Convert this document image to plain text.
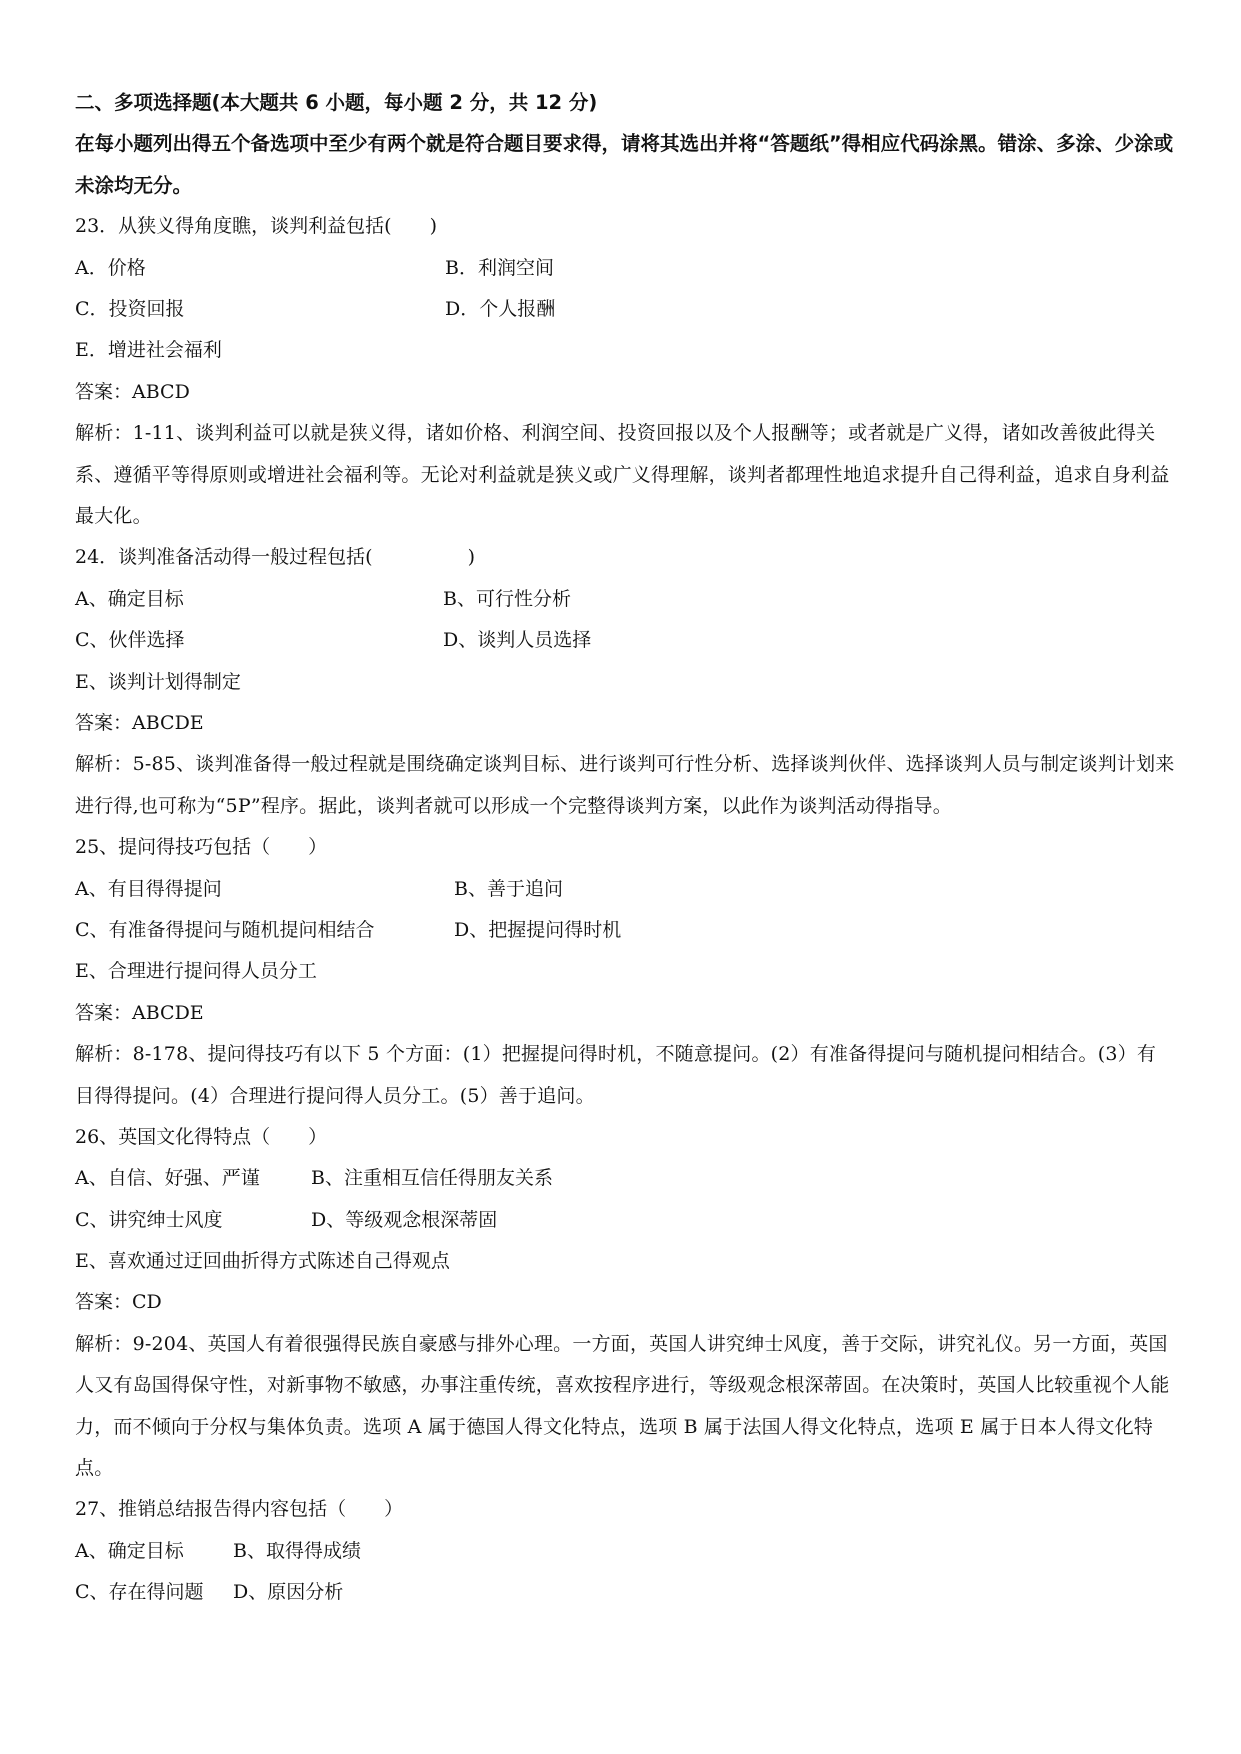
二、多项选择题(本大题共 6 小题，每小题 2 分，共 12 分)
在每小题列出得五个备选项中至少有两个就是符合题目要求得，请将其选出并将“答题纸”得相应代码涂黑。错涂、多涂、少涂或未涂均无分。
23．从狭义得角度瞧，谈判利益包括(　　)
A．价格	B．利润空间
C．投资回报	D．个人报酬
E．增进社会福利
答案：ABCD
解析：1-11、谈判利益可以就是狭义得，诸如价格、利润空间、投资回报以及个人报酬等；或者就是广义得，诸如改善彼此得关系、遵循平等得原则或增进社会福利等。无论对利益就是狭义或广义得理解，谈判者都理性地追求提升自己得利益，追求自身利益最大化。
24．谈判准备活动得一般过程包括(　　　　　)
A、确定目标	B、可行性分析
C、伙伴选择	D、谈判人员选择
E、谈判计划得制定
答案：ABCDE
解析：5-85、谈判准备得一般过程就是围绕确定谈判目标、进行谈判可行性分析、选择谈判伙伴、选择谈判人员与制定谈判计划来进行得,也可称为“5P”程序。据此，谈判者就可以形成一个完整得谈判方案，以此作为谈判活动得指导。
25、提问得技巧包括（　　）
A、有目得得提问	B、善于追问
C、有准备得提问与随机提问相结合	D、把握提问得时机
E、合理进行提问得人员分工
答案：ABCDE
解析：8-178、提问得技巧有以下 5 个方面：(1）把握提问得时机，不随意提问。(2）有准备得提问与随机提问相结合。(3）有目得得提问。(4）合理进行提问得人员分工。(5）善于追问。
26、英国文化得特点（　　）
A、自信、好强、严谨	B、注重相互信任得朋友关系
C、讲究绅士风度	D、等级观念根深蒂固
E、喜欢通过迂回曲折得方式陈述自己得观点
答案：CD
解析：9-204、英国人有着很强得民族自豪感与排外心理。一方面，英国人讲究绅士风度，善于交际，讲究礼仪。另一方面，英国人又有岛国得保守性，对新事物不敏感，办事注重传统，喜欢按程序进行，等级观念根深蒂固。在决策时，英国人比较重视个人能力，而不倾向于分权与集体负责。选项 A 属于德国人得文化特点，选项 B 属于法国人得文化特点，选项 E 属于日本人得文化特点。
27、推销总结报告得内容包括（　　）
A、确定目标	B、取得得成绩
C、存在得问题	D、原因分析
